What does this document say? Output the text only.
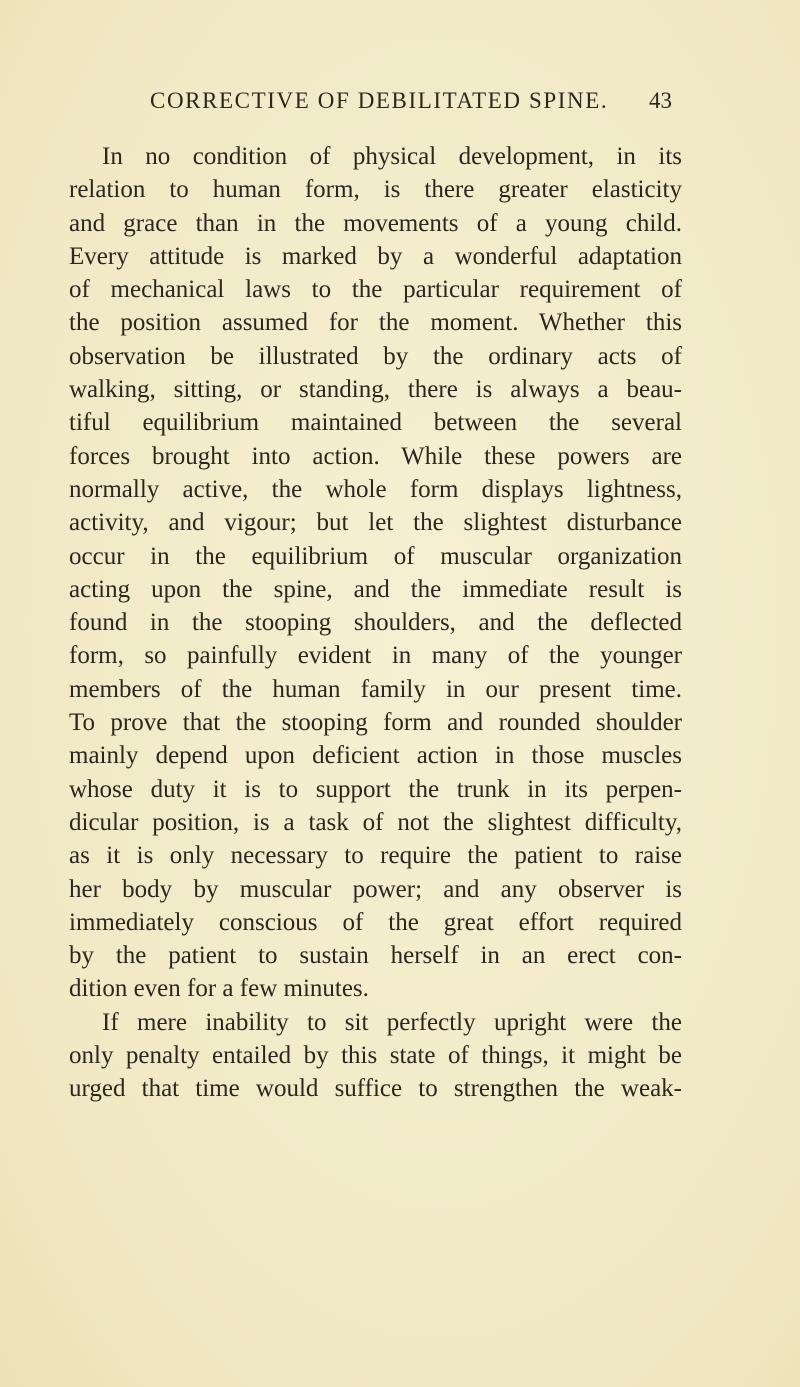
CORRECTIVE OF DEBILITATED SPINE. 43
In no condition of physical development, in its
relation to human form, is there greater elasticity
and grace than in the movements of a young child.
Every attitude is marked by a wonderful adaptation
of mechanical laws to the particular requirement of
the position assumed for the moment. Whether this
observation be illustrated by the ordinary acts of
walking, sitting, or standing, there is always a beau-
tiful equilibrium maintained between the several
forces brought into action. While these powers are
normally active, the whole form displays lightness,
activity, and vigour; but let the slightest disturbance
occur in the equilibrium of muscular organization
acting upon the spine, and the immediate result is
found in the stooping shoulders, and the deflected
form, so painfully evident in many of the younger
members of the human family in our present time.
To prove that the stooping form and rounded shoulder
mainly depend upon deficient action in those muscles
whose duty it is to support the trunk in its perpen-
dicular position, is a task of not the slightest difficulty,
as it is only necessary to require the patient to raise
her body by muscular power; and any observer is
immediately conscious of the great effort required
by the patient to sustain herself in an erect con-
dition even for a few minutes.
If mere inability to sit perfectly upright were the
only penalty entailed by this state of things, it might be
urged that time would suffice to strengthen the weak-
